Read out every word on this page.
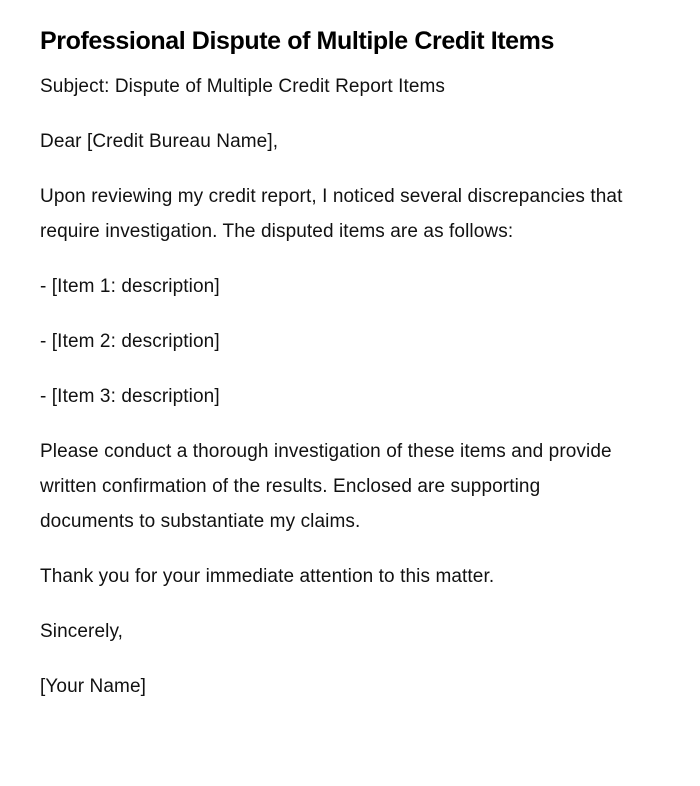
Professional Dispute of Multiple Credit Items

Subject: Dispute of Multiple Credit Report Items

Dear [Credit Bureau Name],

Upon reviewing my credit report, I noticed several discrepancies that require investigation. The disputed items are as follows:

- [Item 1: description]

- [Item 2: description]

- [Item 3: description]

Please conduct a thorough investigation of these items and provide written confirmation of the results. Enclosed are supporting documents to substantiate my claims.

Thank you for your immediate attention to this matter.

Sincerely,

[Your Name]
